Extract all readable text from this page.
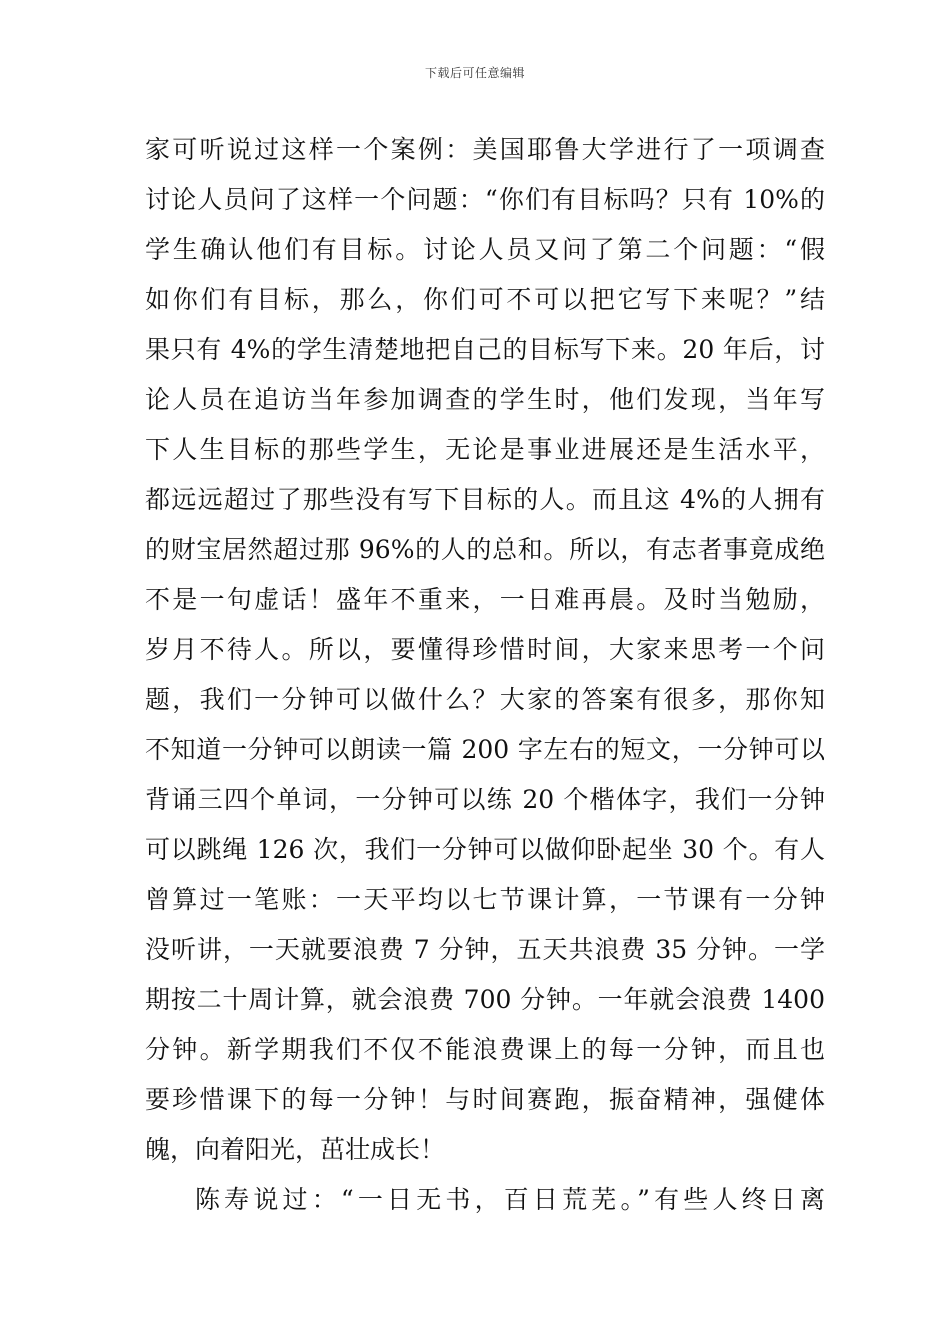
下载后可任意编辑
家可听说过这样一个案例：美国耶鲁大学进行了一项调查
讨论人员问了这样一个问题：“你们有目标吗？只有 10%的
学生确认他们有目标。讨论人员又问了第二个问题：“假
如你们有目标，那么，你们可不可以把它写下来呢？”结
果只有 4%的学生清楚地把自己的目标写下来。20 年后，讨
论人员在追访当年参加调查的学生时，他们发现，当年写
下人生目标的那些学生，无论是事业进展还是生活水平，
都远远超过了那些没有写下目标的人。而且这 4%的人拥有
的财宝居然超过那 96%的人的总和。所以，有志者事竟成绝
不是一句虚话！盛年不重来，一日难再晨。及时当勉励，
岁月不待人。所以，要懂得珍惜时间，大家来思考一个问
题，我们一分钟可以做什么？大家的答案有很多，那你知
不知道一分钟可以朗读一篇 200 字左右的短文，一分钟可以
背诵三四个单词，一分钟可以练 20 个楷体字，我们一分钟
可以跳绳 126 次，我们一分钟可以做仰卧起坐 30 个。有人
曾算过一笔账：一天平均以七节课计算，一节课有一分钟
没听讲，一天就要浪费 7 分钟，五天共浪费 35 分钟。一学
期按二十周计算，就会浪费 700 分钟。一年就会浪费 1400
分钟。新学期我们不仅不能浪费课上的每一分钟，而且也
要珍惜课下的每一分钟！与时间赛跑，振奋精神，强健体
魄，向着阳光，茁壮成长！
陈寿说过：“一日无书，百日荒芜。”有些人终日离
